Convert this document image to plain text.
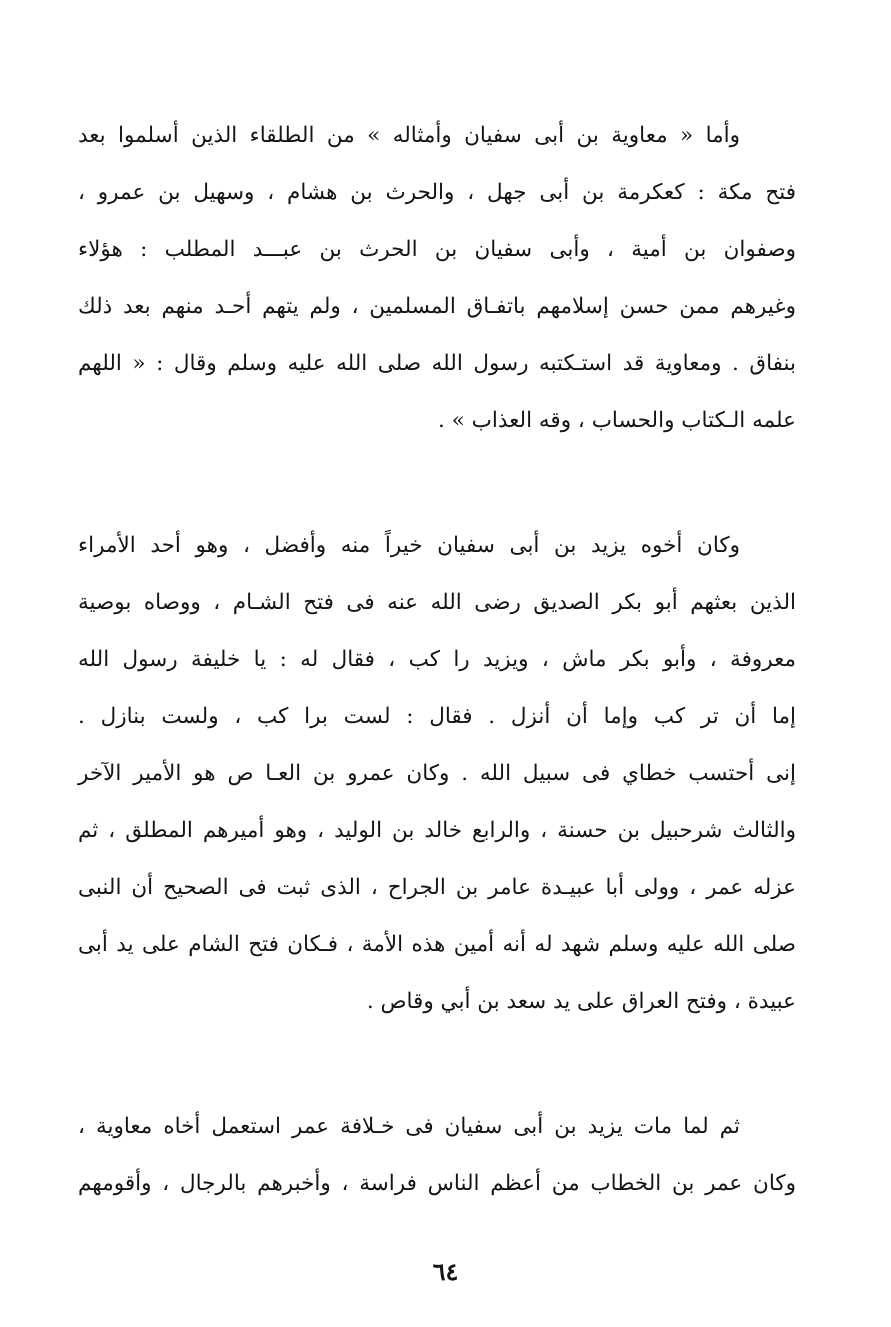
وأما « معاوية بن أبى سفيان وأمثاله » من الطلقاء الذين أسلموا بعد
فتح مكة : كعكرمة بن أبى جهل ، والحرث بن هشام ، وسهيل بن عمرو ،
وصفوان بن أمية ، وأبى سفيان بن الحرث بن عبـــد المطلب : هؤلاء
وغيرهم ممن حسن إسلامهم باتفـاق المسلمين ، ولم يتهم أحـد منهم بعد ذلك
بنفاق . ومعاوية قد استـكتبه رسول الله صلى الله عليه وسلم وقال : « اللهم
علمه الـكتاب والحساب ، وقه العذاب » .
وكان أخوه يزيد بن أبى سفيان خيراً منه وأفضل ، وهو أحد الأمراء
الذين بعثهم أبو بكر الصديق رضى الله عنه فى فتح الشـام ، ووصاه بوصية
معروفة ، وأبو بكر ماش ، ويزيد را كب ، فقال له : يا خليفة رسول الله
إما أن تر كب وإما أن أنزل . فقال : لست برا كب ، ولست بنازل .
إنى أحتسب خطاي فى سبيل الله . وكان عمرو بن العـا ص هو الأمير الآخر
والثالث شرحبيل بن حسنة ، والرابع خالد بن الوليد ، وهو أميرهم المطلق ، ثم
عزله عمر ، وولى أبا عبيـدة عامر بن الجراح ، الذى ثبت فى الصحيح أن النبى
صلى الله عليه وسلم شهد له أنه أمين هذه الأمة ، فـكان فتح الشام على يد أبى
عبيدة ، وفتح العراق على يد سعد بن أبي وقاص .
ثم لما مات يزيد بن أبى سفيان فى خـلافة عمر استعمل أخاه معاوية ،
وكان عمر بن الخطاب من أعظم الناس فراسة ، وأخبرهم بالرجال ، وأقومهم
٦٤
